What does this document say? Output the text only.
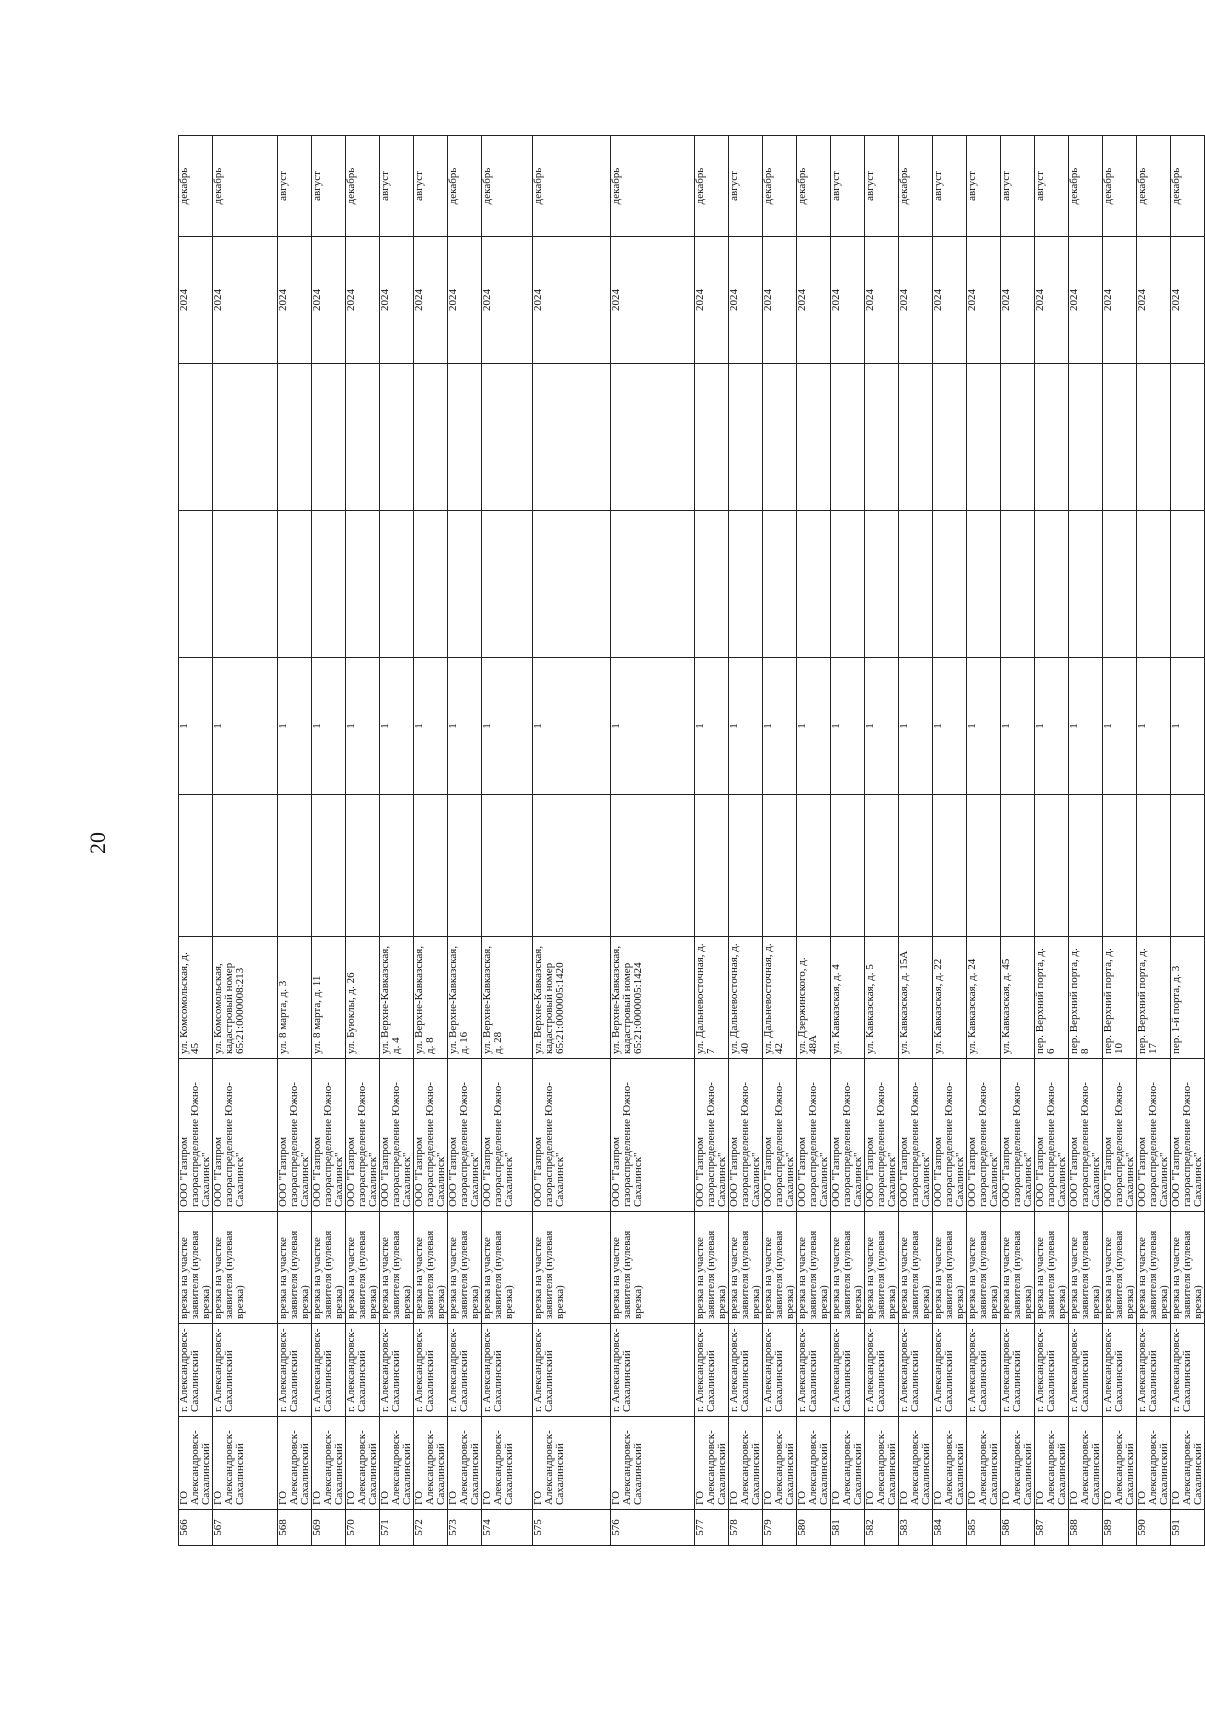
20
566	ГО Александровск-Сахалинский	г. Александровск-Сахалинский	врезка на участке заявителя (нулевая врезка)	ООО "Газпром газораспределение Южно-Сахалинск"	ул. Комсомольская, д. 45		1			2024	декабрь
567	ГО Александровск-Сахалинский	г. Александровск-Сахалинский	врезка на участке заявителя (нулевая врезка)	ООО "Газпром газораспределение Южно-Сахалинск"	ул. Комсомольская, кадастровый номер 65:21:0000008:213		1			2024	декабрь
568	ГО Александровск-Сахалинский	г. Александровск-Сахалинский	врезка на участке заявителя (нулевая врезка)	ООО "Газпром газораспределение Южно-Сахалинск"	ул. 8 марта, д. 3		1			2024	август
569	ГО Александровск-Сахалинский	г. Александровск-Сахалинский	врезка на участке заявителя (нулевая врезка)	ООО "Газпром газораспределение Южно-Сахалинск"	ул. 8 марта, д. 11		1			2024	август
570	ГО Александровск-Сахалинский	г. Александровск-Сахалинский	врезка на участке заявителя (нулевая врезка)	ООО "Газпром газораспределение Южно-Сахалинск"	ул. Буюклы, д. 26		1			2024	декабрь
571	ГО Александровск-Сахалинский	г. Александровск-Сахалинский	врезка на участке заявителя (нулевая врезка)	ООО "Газпром газораспределение Южно-Сахалинск"	ул. Верхне-Кавказская, д. 4		1			2024	август
572	ГО Александровск-Сахалинский	г. Александровск-Сахалинский	врезка на участке заявителя (нулевая врезка)	ООО "Газпром газораспределение Южно-Сахалинск"	ул. Верхне-Кавказская, д. 8		1			2024	август
573	ГО Александровск-Сахалинский	г. Александровск-Сахалинский	врезка на участке заявителя (нулевая врезка)	ООО "Газпром газораспределение Южно-Сахалинск"	ул. Верхне-Кавказская, д. 16		1			2024	декабрь
574	ГО Александровск-Сахалинский	г. Александровск-Сахалинский	врезка на участке заявителя (нулевая врезка)	ООО "Газпром газораспределение Южно-Сахалинск"	ул. Верхне-Кавказская, д. 28		1			2024	декабрь
575	ГО Александровск-Сахалинский	г. Александровск-Сахалинский	врезка на участке заявителя (нулевая врезка)	ООО "Газпром газораспределение Южно-Сахалинск"	ул. Верхне-Кавказская, кадастровый номер 65:21:0000005:1420		1			2024	декабрь
576	ГО Александровск-Сахалинский	г. Александровск-Сахалинский	врезка на участке заявителя (нулевая врезка)	ООО "Газпром газораспределение Южно-Сахалинск"	ул. Верхне-Кавказская, кадастровый номер 65:21:0000005:1424		1			2024	декабрь
577	ГО Александровск-Сахалинский	г. Александровск-Сахалинский	врезка на участке заявителя (нулевая врезка)	ООО "Газпром газораспределение Южно-Сахалинск"	ул. Дальневосточная, д. 7		1			2024	декабрь
578	ГО Александровск-Сахалинский	г. Александровск-Сахалинский	врезка на участке заявителя (нулевая врезка)	ООО "Газпром газораспределение Южно-Сахалинск"	ул. Дальневосточная, д. 40		1			2024	август
579	ГО Александровск-Сахалинский	г. Александровск-Сахалинский	врезка на участке заявителя (нулевая врезка)	ООО "Газпром газораспределение Южно-Сахалинск"	ул. Дальневосточная, д. 42		1			2024	декабрь
580	ГО Александровск-Сахалинский	г. Александровск-Сахалинский	врезка на участке заявителя (нулевая врезка)	ООО "Газпром газораспределение Южно-Сахалинск"	ул. Дзержинского, д. 48А		1			2024	декабрь
581	ГО Александровск-Сахалинский	г. Александровск-Сахалинский	врезка на участке заявителя (нулевая врезка)	ООО "Газпром газораспределение Южно-Сахалинск"	ул. Кавказская, д. 4		1			2024	август
582	ГО Александровск-Сахалинский	г. Александровск-Сахалинский	врезка на участке заявителя (нулевая врезка)	ООО "Газпром газораспределение Южно-Сахалинск"	ул. Кавказская, д. 5		1			2024	август
583	ГО Александровск-Сахалинский	г. Александровск-Сахалинский	врезка на участке заявителя (нулевая врезка)	ООО "Газпром газораспределение Южно-Сахалинск"	ул. Кавказская, д. 15А		1			2024	декабрь
584	ГО Александровск-Сахалинский	г. Александровск-Сахалинский	врезка на участке заявителя (нулевая врезка)	ООО "Газпром газораспределение Южно-Сахалинск"	ул. Кавказская, д. 22		1			2024	август
585	ГО Александровск-Сахалинский	г. Александровск-Сахалинский	врезка на участке заявителя (нулевая врезка)	ООО "Газпром газораспределение Южно-Сахалинск"	ул. Кавказская, д. 24		1			2024	август
586	ГО Александровск-Сахалинский	г. Александровск-Сахалинский	врезка на участке заявителя (нулевая врезка)	ООО "Газпром газораспределение Южно-Сахалинск"	ул. Кавказская, д. 45		1			2024	август
587	ГО Александровск-Сахалинский	г. Александровск-Сахалинский	врезка на участке заявителя (нулевая врезка)	ООО "Газпром газораспределение Южно-Сахалинск"	пер. Верхний порта, д. 6		1			2024	август
588	ГО Александровск-Сахалинский	г. Александровск-Сахалинский	врезка на участке заявителя (нулевая врезка)	ООО "Газпром газораспределение Южно-Сахалинск"	пер. Верхний порта, д. 8		1			2024	декабрь
589	ГО Александровск-Сахалинский	г. Александровск-Сахалинский	врезка на участке заявителя (нулевая врезка)	ООО "Газпром газораспределение Южно-Сахалинск"	пер. Верхний порта, д. 10		1			2024	декабрь
590	ГО Александровск-Сахалинский	г. Александровск-Сахалинский	врезка на участке заявителя (нулевая врезка)	ООО "Газпром газораспределение Южно-Сахалинск"	пер. Верхний порта, д. 17		1			2024	декабрь
591	ГО Александровск-Сахалинский	г. Александровск-Сахалинский	врезка на участке заявителя (нулевая врезка)	ООО "Газпром газораспределение Южно-Сахалинск"	пер. 1-й порта, д. 3		1			2024	декабрь
